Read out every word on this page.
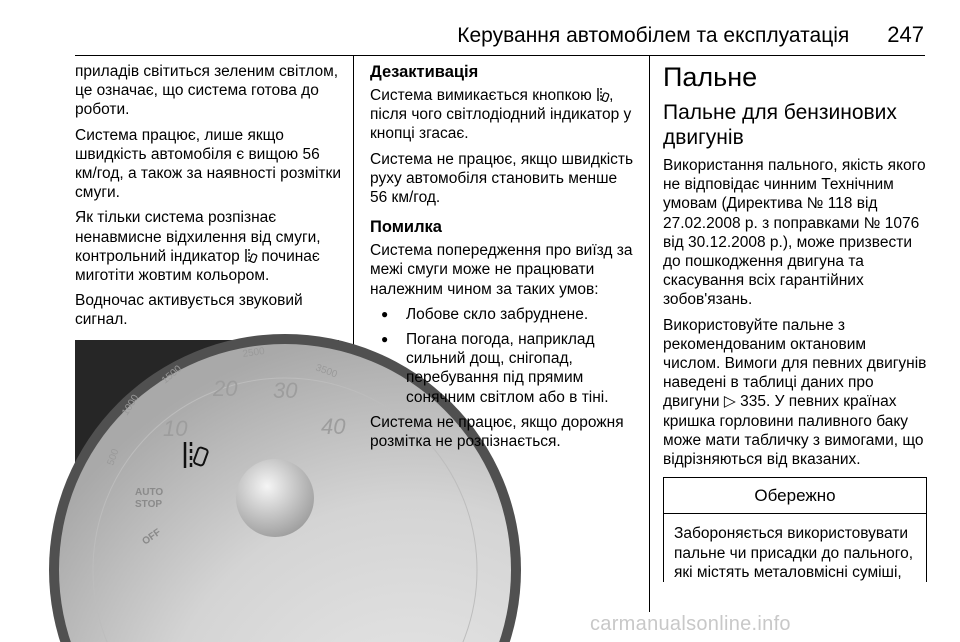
Керування автомобілем та експлуатація 247

приладів світиться зеленим світлом, це означає, що система готова до роботи.

Система працює, лише якщо швидкість автомобіля є вищою 56 км/год, а також за наявності розмітки смуги.

Як тільки система розпізнає ненавмисне відхилення від смуги, контрольний індикатор починає миготіти жовтим кольором.

Водночас активується звуковий сигнал.

500
1000
1500
2500
3500
10
20 30
40
AUTO
STOP
OFF
Дезактивація

Система вимикається кнопкою , після чого світлодіодний індикатор у кнопці згасає.

Система не працює, якщо швидкість руху автомобіля становить менше 56 км/год.

Помилка

Система попередження про виїзд за межі смуги може не працювати належним чином за таких умов:

● Лобове скло забруднене.
● Погана погода, наприклад сильний дощ, снігопад, перебування під прямим сонячним світлом або в тіні.

Система не працює, якщо дорожня розмітка не розпізнається.

Пальне
Пальне для бензинових двигунів

Використання пального, якість якого не відповідає чинним Технічним умовам (Директива № 118 від 27.02.2008 р. з поправками № 1076 від 30.12.2008 р.), може призвести до пошкодження двигуна та скасування всіх гарантійних зобов'язань.

Використовуйте пальне з рекомендованим октановим числом. Вимоги для певних двигунів наведені в таблиці даних про двигуни ▷ 335. У певних країнах кришка горловини паливного баку може мати табличку з вимогами, що відрізняються від вказаних.

Обережно
Забороняється використовувати пальне чи присадки до пального, які містять металовмісні суміші,
carmanualsonline.info
